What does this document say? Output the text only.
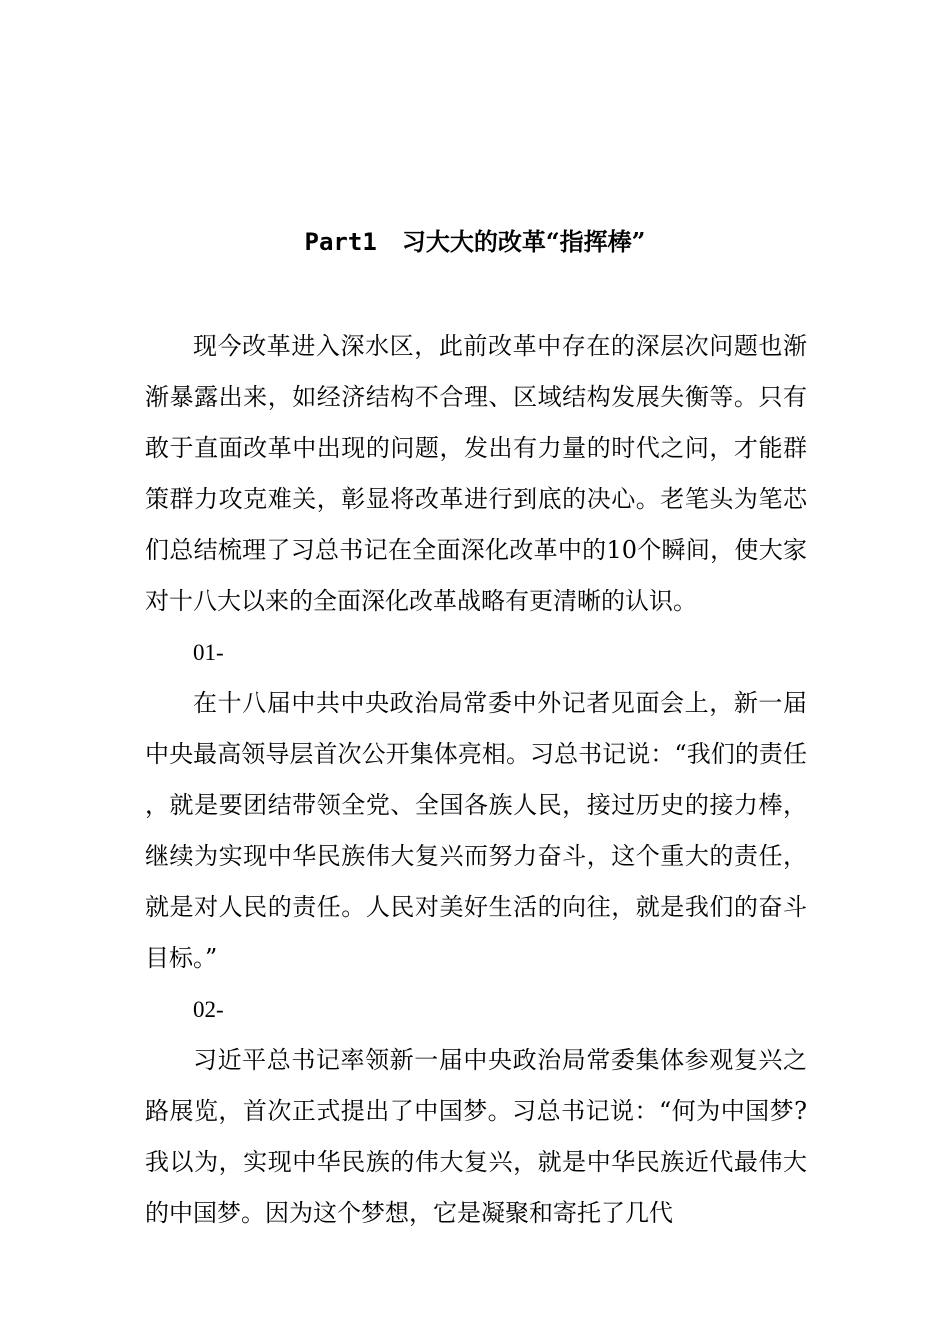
Part1 习大大的改革“指挥棒”

现今改革进入深水区，此前改革中存在的深层次问题也渐渐暴露出来，如经济结构不合理、区域结构发展失衡等。只有敢于直面改革中出现的问题，发出有力量的时代之问，才能群策群力攻克难关，彰显将改革进行到底的决心。老笔头为笔芯们总结梳理了习总书记在全面深化改革中的10个瞬间，使大家对十八大以来的全面深化改革战略有更清晰的认识。

01-

在十八届中共中央政治局常委中外记者见面会上，新一届中央最高领导层首次公开集体亮相。习总书记说：“我们的责任，就是要团结带领全党、全国各族人民，接过历史的接力棒，继续为实现中华民族伟大复兴而努力奋斗，这个重大的责任，就是对人民的责任。人民对美好生活的向往，就是我们的奋斗目标。”

02-

习近平总书记率领新一届中央政治局常委集体参观复兴之路展览，首次正式提出了中国梦。习总书记说：“何为中国梦?我以为，实现中华民族的伟大复兴，就是中华民族近代最伟大的中国梦。因为这个梦想，它是凝聚和寄托了几代
